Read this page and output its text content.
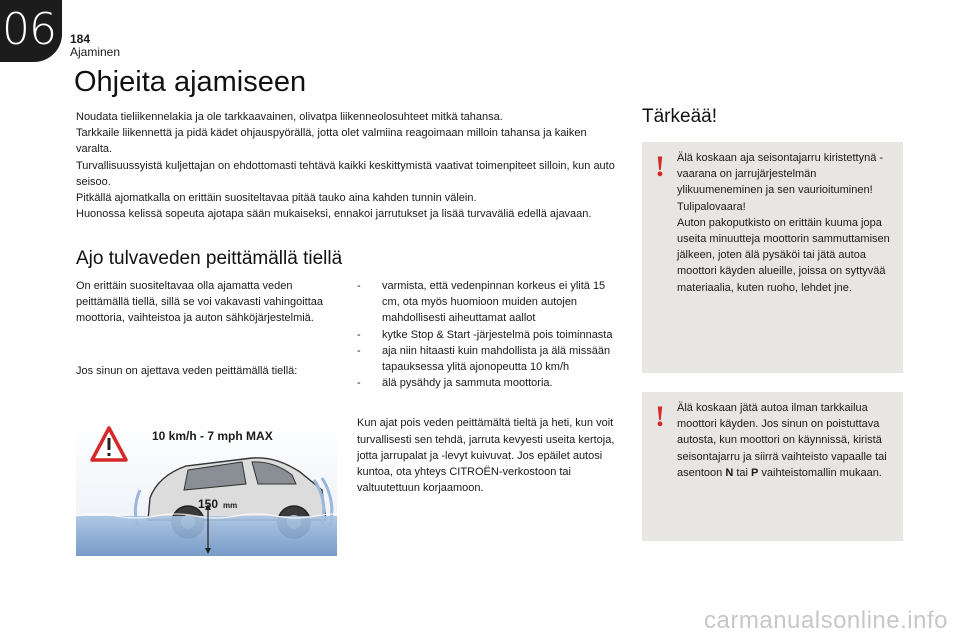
06 184
Ajaminen
Ohjeita ajamiseen

Noudata tieliikennelakia ja ole tarkkaavainen, olivatpa liikenneolosuhteet mitkä tahansa.

Tarkkaile liikennettä ja pidä kädet ohjauspyörällä, jotta olet valmiina reagoimaan milloin tahansa ja kaiken varalta.

Turvallisuussyistä kuljettajan on ehdottomasti tehtävä kaikki keskittymistä vaativat toimenpiteet silloin, kun auto seisoo.

Pitkällä ajomatkalla on erittäin suositeltavaa pitää tauko aina kahden tunnin välein.

Huonossa kelissä sopeuta ajotapa sään mukaiseksi, ennakoi jarrutukset ja lisää turvaväliä edellä ajavaan.

Ajo tulvaveden peittämällä tiellä

On erittäin suositeltavaa olla ajamatta veden peittämällä tiellä, sillä se voi vakavasti vahingoittaa moottoria, vaihteistoa ja auton sähköjärjestelmiä.

Jos sinun on ajettava veden peittämällä tiellä:

10 km/h - 7 mph MAX
150 mm
- varmista, että vedenpinnan korkeus ei ylitä 15 cm, ota myös huomioon muiden autojen mahdollisesti aiheuttamat aallot
- kytke Stop & Start -järjestelmä pois toiminnasta
- aja niin hitaasti kuin mahdollista ja älä missään tapauksessa ylitä ajonopeutta 10 km/h
- älä pysähdy ja sammuta moottoria.

Kun ajat pois veden peittämältä tieltä ja heti, kun voit turvallisesti sen tehdä, jarruta kevyesti useita kertoja, jotta jarrupalat ja -levyt kuivuvat. Jos epäilet autosi kuntoa, ota yhteys CITROËN-verkostoon tai valtuutettuun korjaamoon.

Tärkeää!
! Älä koskaan aja seisontajarru kiristettynä - vaarana on jarrujärjestelmän ylikuumeneminen ja sen vaurioituminen!

Tulipalovaara!

Auton pakoputkisto on erittäin kuuma jopa useita minuutteja moottorin sammuttamisen jälkeen, joten älä pysäköi tai jätä autoa moottori käyden alueille, joissa on syttyvää materiaalia, kuten ruoho, lehdet jne.

! Älä koskaan jätä autoa ilman tarkkailua moottori käyden. Jos sinun on poistuttava autosta, kun moottori on käynnissä, kiristä seisontajarru ja siirrä vaihteisto vapaalle tai asentoon N tai P vaihteistomallin mukaan.

carmanualsonline.info
